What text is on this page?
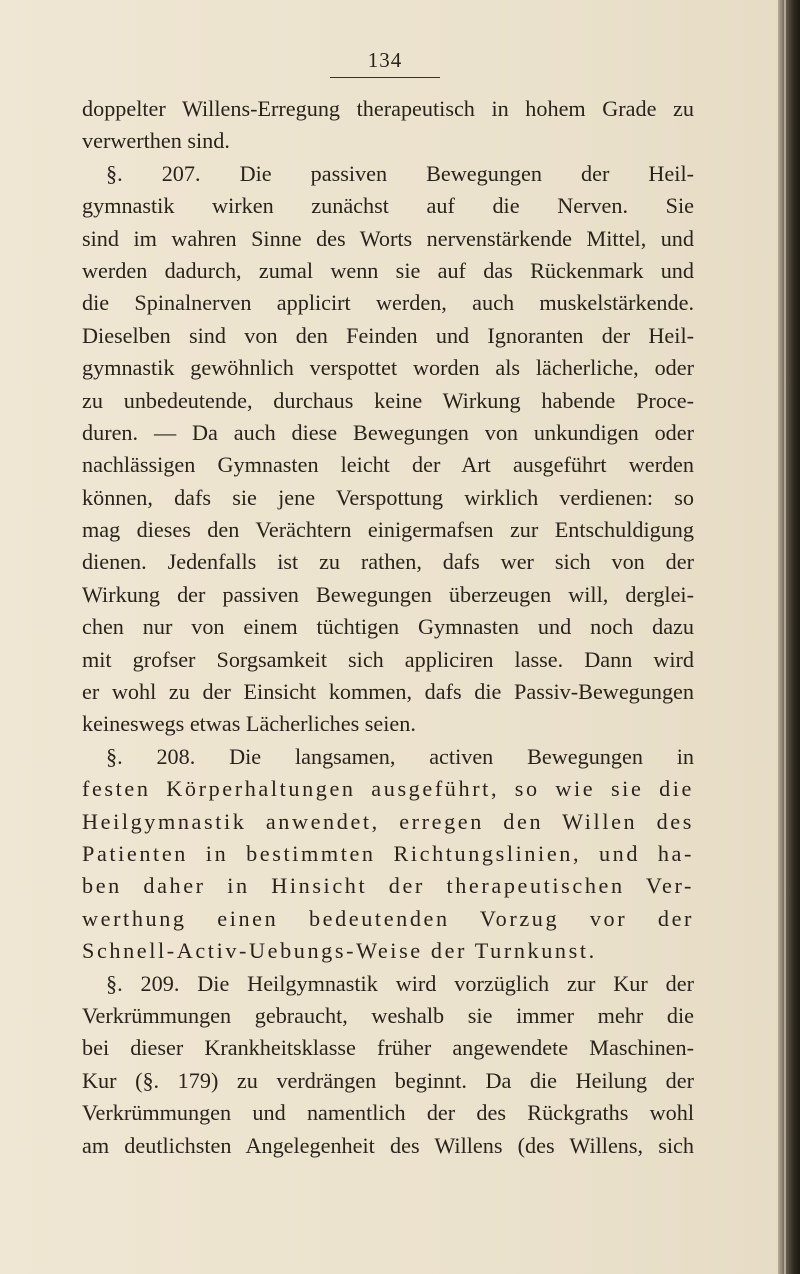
134
doppelter Willens-Erregung therapeutisch in hohem Grade zu
verwerthen sind.
§. 207. Die passiven Bewegungen der Heil-
gymnastik wirken zunächst auf die Nerven. Sie
sind im wahren Sinne des Worts nervenstärkende Mittel, und
werden dadurch, zumal wenn sie auf das Rückenmark und
die Spinalnerven applicirt werden, auch muskelstärkende.
Dieselben sind von den Feinden und Ignoranten der Heil-
gymnastik gewöhnlich verspottet worden als lächerliche, oder
zu unbedeutende, durchaus keine Wirkung habende Proce-
duren. — Da auch diese Bewegungen von unkundigen oder
nachlässigen Gymnasten leicht der Art ausgeführt werden
können, dafs sie jene Verspottung wirklich verdienen: so
mag dieses den Verächtern einigermafsen zur Entschuldigung
dienen. Jedenfalls ist zu rathen, dafs wer sich von der
Wirkung der passiven Bewegungen überzeugen will, derglei-
chen nur von einem tüchtigen Gymnasten und noch dazu
mit grofser Sorgsamkeit sich appliciren lasse. Dann wird
er wohl zu der Einsicht kommen, dafs die Passiv-Bewegungen
keineswegs etwas Lächerliches seien.
§. 208. Die langsamen, activen Bewegungen in
festen Körperhaltungen ausgeführt, so wie sie die
Heilgymnastik anwendet, erregen den Willen des
Patienten in bestimmten Richtungslinien, und ha-
ben daher in Hinsicht der therapeutischen Ver-
werthung einen bedeutenden Vorzug vor der
Schnell-Activ-Uebungs-Weise der Turnkunst.
§. 209. Die Heilgymnastik wird vorzüglich zur Kur der
Verkrümmungen gebraucht, weshalb sie immer mehr die
bei dieser Krankheitsklasse früher angewendete Maschinen-
Kur (§. 179) zu verdrängen beginnt. Da die Heilung der
Verkrümmungen und namentlich der des Rückgraths wohl
am deutlichsten Angelegenheit des Willens (des Willens, sich
